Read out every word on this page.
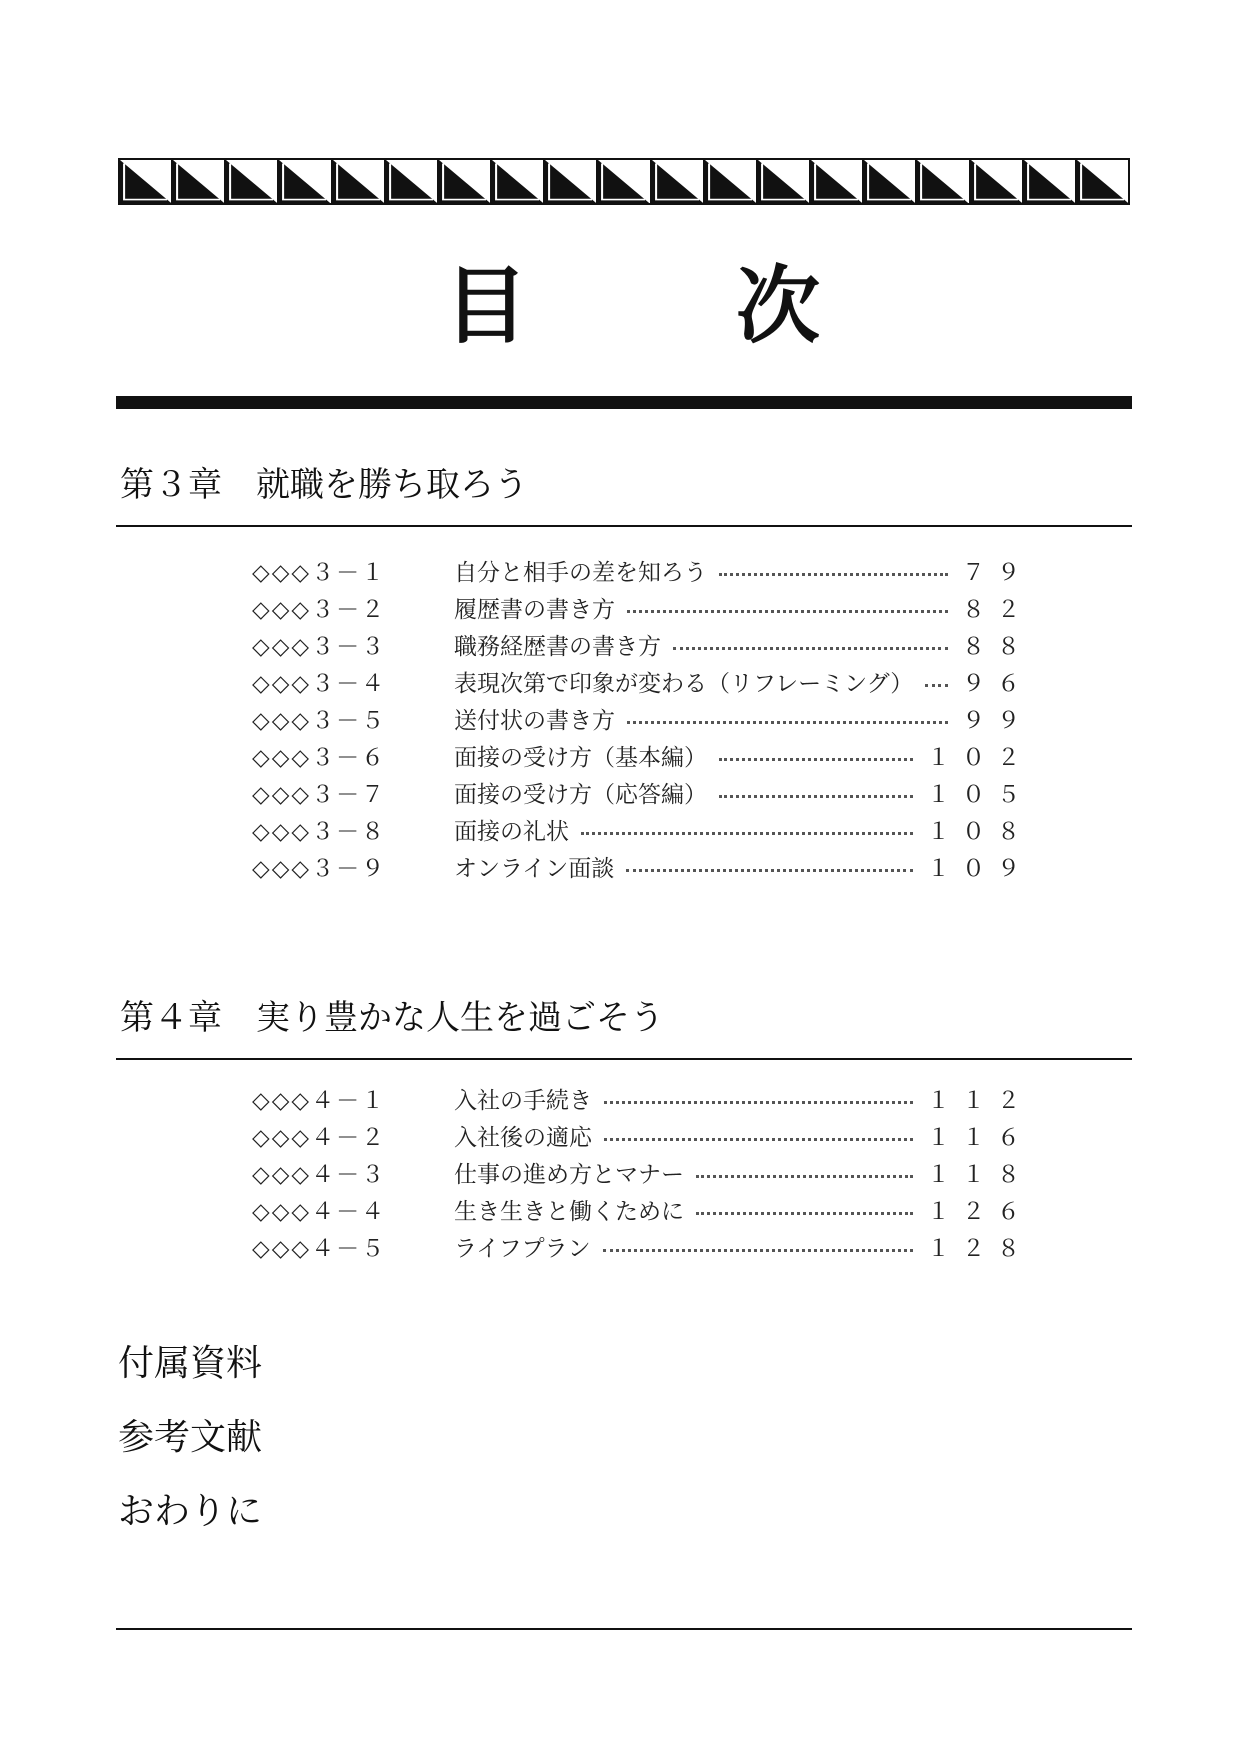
目 次
第３章 就職を勝ち取ろう
◇◇◇３－１	自分と相手の差を知ろう	７９
◇◇◇３－２	履歴書の書き方	８２
◇◇◇３－３	職務経歴書の書き方	８８
◇◇◇３－４	表現次第で印象が変わる（リフレーミング） ９６
◇◇◇３－５	送付状の書き方	９９
◇◇◇３－６	面接の受け方（基本編）	１０２
◇◇◇３－７	面接の受け方（応答編）	１０５
◇◇◇３－８	面接の礼状	１０８
◇◇◇３－９	オンライン面談	１０９
第４章 実り豊かな人生を過ごそう
◇◇◇４－１	入社の手続き	１１２
◇◇◇４－２	入社後の適応	１１６
◇◇◇４－３	仕事の進め方とマナー	１１８
◇◇◇４－４	生き生きと働くために	１２６
◇◇◇４－５	ライフプラン	１２８
付属資料
参考文献
おわりに
